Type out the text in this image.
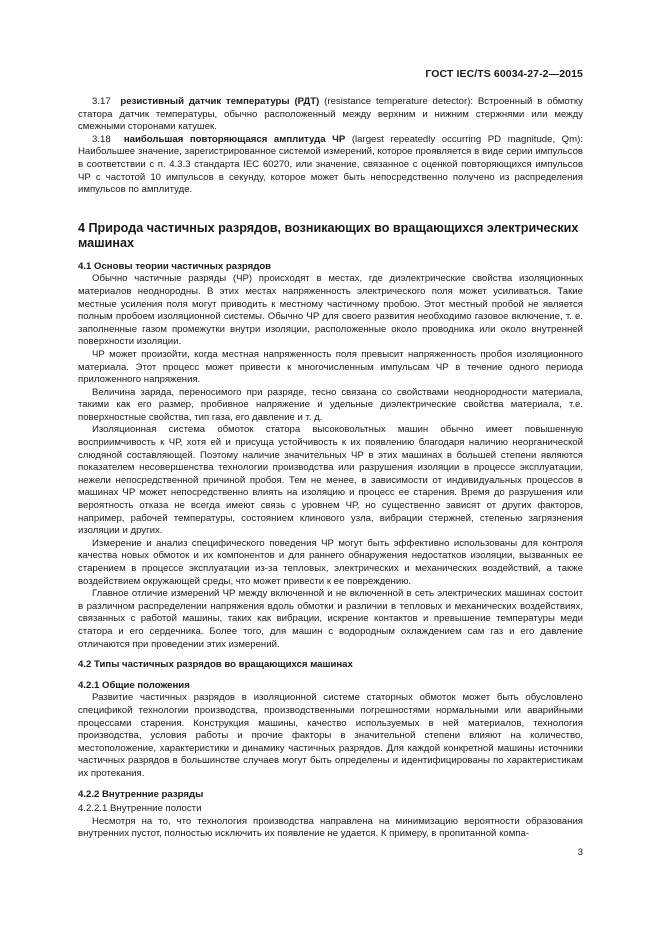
ГОСТ IEC/TS 60034-27-2—2015

3.17 резистивный датчик температуры (РДТ) (resistance temperature detector): Встроенный в обмотку статора датчик температуры, обычно расположенный между верхним и нижним стержнями или между смежными сторонами катушек.

3.18 наибольшая повторяющаяся амплитуда ЧР (largest repeatedly occurring PD magnitude, Qm): Наибольшее значение, зарегистрированное системой измерений, которое проявляется в виде серии импульсов в соответствии с п. 4.3.3 стандарта IEC 60270, или значение, связанное с оценкой повторяющихся импульсов ЧР с частотой 10 импульсов в секунду, которое может быть непосредственно получено из распределения импульсов по амплитуде.

4 Природа частичных разрядов, возникающих во вращающихся электрических машинах
4.1 Основы теории частичных разрядов

Обычно частичные разряды (ЧР) происходят в местах, где диэлектрические свойства изоляционных материалов неоднородны. В этих местах напряженность электрического поля может усиливаться. Такие местные усиления поля могут приводить к местному частичному пробою. Этот местный пробой не является полным пробоем изоляционной системы. Обычно ЧР для своего развития необходимо газовое включение, т. е. заполненные газом промежутки внутри изоляции, расположенные около проводника или около внутренней поверхности изоляции.

ЧР может произойти, когда местная напряженность поля превысит напряженность пробоя изоляционного материала. Этот процесс может привести к многочисленным импульсам ЧР в течение одного периода приложенного напряжения.

Величина заряда, переносимого при разряде, тесно связана со свойствами неоднородности материала, такими как его размер, пробивное напряжение и удельные диэлектрические свойства материала, т.е. поверхностные свойства, тип газа, его давление и т. д.

Изоляционная система обмоток статора высоковольтных машин обычно имеет повышенную восприимчивость к ЧР, хотя ей и присуща устойчивость к их появлению благодаря наличию неорганической слюдяной составляющей. Поэтому наличие значительных ЧР в этих машинах в большей степени являются показателем несовершенства технологии производства или разрушения изоляции в процессе эксплуатации, нежели непосредственной причиной пробоя. Тем не менее, в зависимости от индивидуальных процессов в машинах ЧР может непосредственно влиять на изоляцию и процесс ее старения. Время до разрушения или вероятность отказа не всегда имеют связь с уровнем ЧР, но существенно зависят от других факторов, например, рабочей температуры, состоянием клинового узла, вибрации стержней, степенью загрязнения изоляции и других.

Измерение и анализ специфического поведения ЧР могут быть эффективно использованы для контроля качества новых обмоток и их компонентов и для раннего обнаружения недостатков изоляции, вызванных ее старением в процессе эксплуатации из-за тепловых, электрических и механических воздействий, а также воздействием окружающей среды, что может привести к ее повреждению.

Главное отличие измерений ЧР между включенной и не включенной в сеть электрических машинах состоит в различном распределении напряжения вдоль обмотки и различии в тепловых и механических воздействиях, связанных с работой машины, таких как вибрации, искрение контактов и превышение температуры меди статора и его сердечника. Более того, для машин с водородным охлаждением сам газ и его давление отличаются при проведении этих измерений.

4.2 Типы частичных разрядов во вращающихся машинах
4.2.1 Общие положения

Развитие частичных разрядов в изоляционной системе статорных обмоток может быть обусловлено спецификой технологии производства, производственными погрешностями нормальными или аварийными процессами старения. Конструкция машины, качество используемых в ней материалов, технология производства, условия работы и прочие факторы в значительной степени влияют на количество, местоположение, характеристики и динамику частичных разрядов. Для каждой конкретной машины источники частичных разрядов в большинстве случаев могут быть определены и идентифицированы по характеристикам их протекания.

4.2.2 Внутренние разряды
4.2.2.1 Внутренние полости

Несмотря на то, что технология производства направлена на минимизацию вероятности образования внутренних пустот, полностью исключить их появление не удается. К примеру, в пропитанной компа-

3
